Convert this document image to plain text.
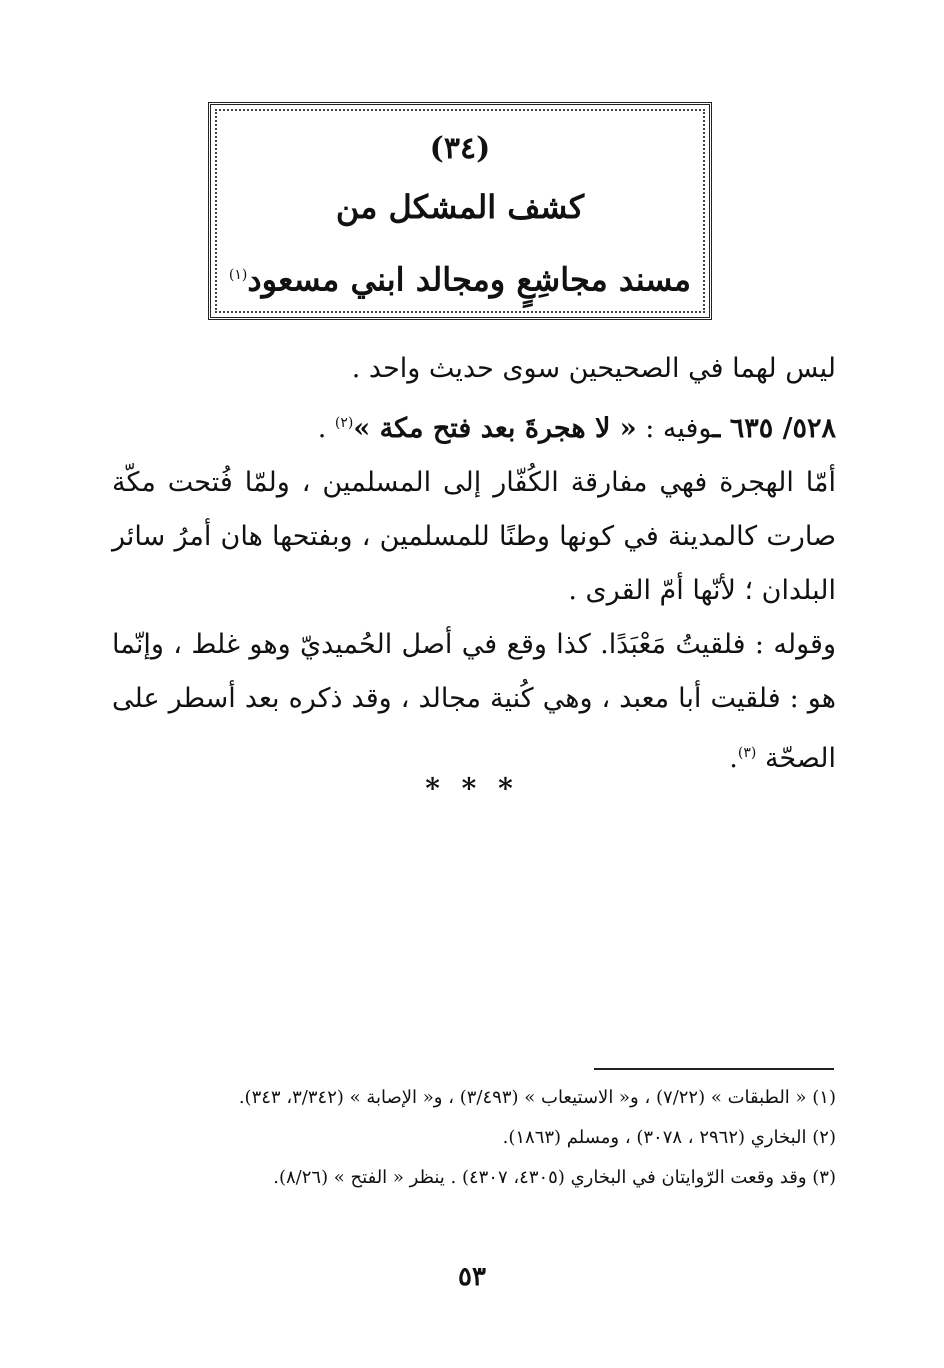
(٣٤)
كشف المشكل من
مسند مجاشِعٍ ومجالد ابني مسعود$^{(١)}$

ليس لهما في الصحيحين سوى حديث واحد .

٥٢٨/ ٦٣٥ ـوفيه : « لا هجرةَ بعد فتح مكة »$^{(٢)}$ .

أمّا الهجرة فهي مفارقة الكُفّار إلى المسلمين ، ولمّا فُتحت مكّة صارت كالمدينة في كونها وطنًا للمسلمين ، وبفتحها هان أمرُ سائر البلدان ؛ لأنّها أمّ القرى .

وقوله : فلقيتُ مَعْبَدًا. كذا وقع في أصل الحُميديّ وهو غلط ، وإنّما هو : فلقيت أبا معبد ، وهي كُنية مجالد ، وقد ذكره بعد أسطر على الصحّة $^{(٣)}$.

* * *

(١) « الطبقات » (٧/٢٢) ، و« الاستيعاب » (٣/٤٩٣) ، و« الإصابة » (٣/٣٤٢، ٣٤٣).

(٢) البخاري (٢٩٦٢ ، ٣٠٧٨) ، ومسلم (١٨٦٣).

(٣) وقد وقعت الرّوايتان في البخاري (٤٣٠٥، ٤٣٠٧) . ينظر « الفتح » (٨/٢٦).

٥٣
